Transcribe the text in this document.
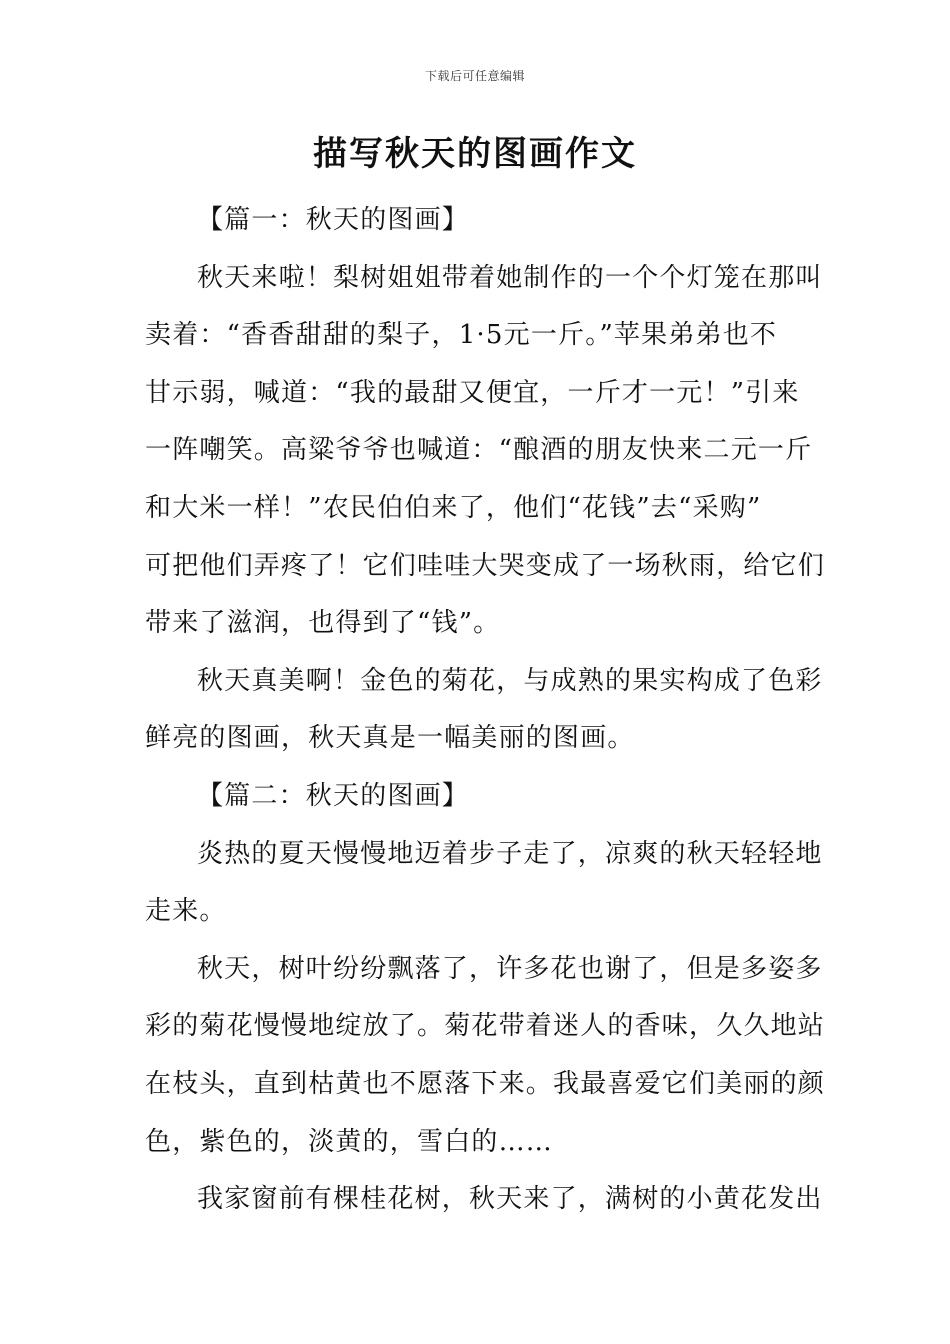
下载后可任意编辑
描写秋天的图画作文
【篇一：秋天的图画】
秋天来啦！梨树姐姐带着她制作的一个个灯笼在那叫
卖着：“香香甜甜的梨子，1·5元一斤。”苹果弟弟也不
甘示弱，喊道：“我的最甜又便宜，一斤才一元！”引来
一阵嘲笑。高粱爷爷也喊道：“酿酒的朋友快来二元一斤
和大米一样！”农民伯伯来了，他们“花钱”去“采购”
可把他们弄疼了！它们哇哇大哭变成了一场秋雨，给它们
带来了滋润，也得到了“钱”。
秋天真美啊！金色的菊花，与成熟的果实构成了色彩
鲜亮的图画，秋天真是一幅美丽的图画。
【篇二：秋天的图画】
炎热的夏天慢慢地迈着步子走了，凉爽的秋天轻轻地
走来。
秋天，树叶纷纷飘落了，许多花也谢了，但是多姿多
彩的菊花慢慢地绽放了。菊花带着迷人的香味，久久地站
在枝头，直到枯黄也不愿落下来。我最喜爱它们美丽的颜
色，紫色的，淡黄的，雪白的……
我家窗前有棵桂花树，秋天来了，满树的小黄花发出
